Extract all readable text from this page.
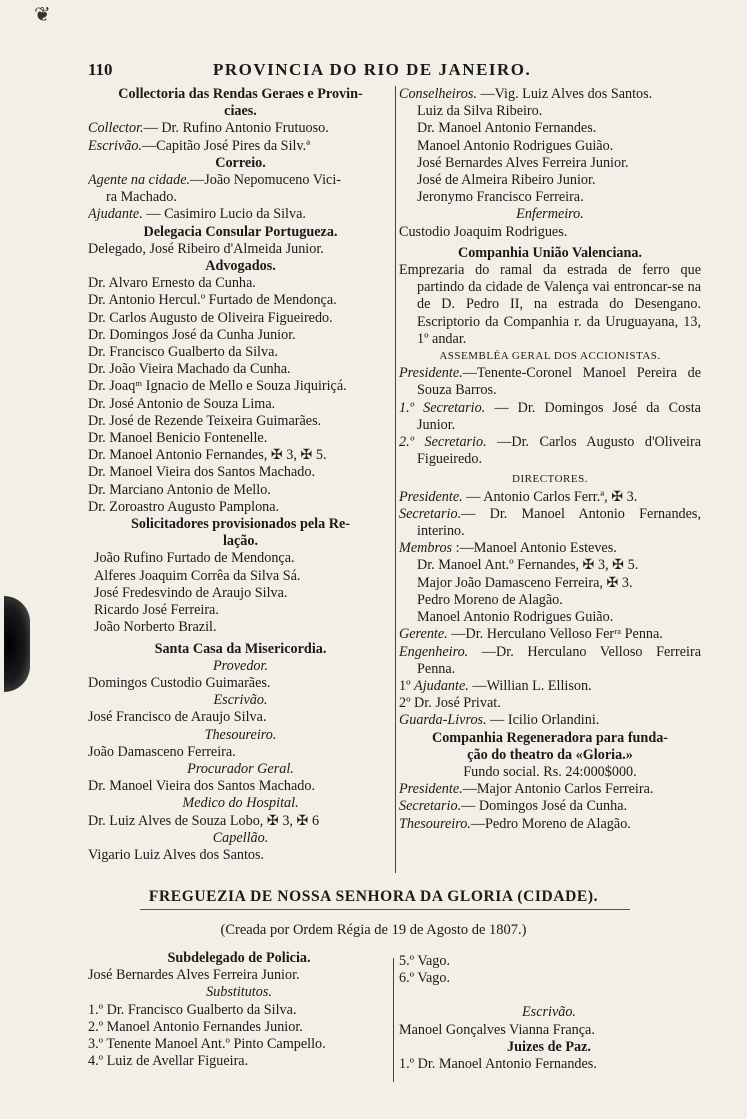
❦
110	PROVINCIA DO RIO DE JANEIRO.
Collectoria das Rendas Geraes e Provin-
ciaes.
Collector.— Dr. Rufino Antonio Frutuoso.
Escrivão.—Capitão José Pires da Silv.ª
Correio.
Agente na cidade.—João Nepomuceno Vici-
ra Machado.
Ajudante. — Casimiro Lucio da Silva.
Delegacia Consular Portugueza.
Delegado, José Ribeiro d'Almeida Junior.
Advogados.
Dr. Alvaro Ernesto da Cunha.
Dr. Antonio Hercul.º Furtado de Mendonça.
Dr. Carlos Augusto de Oliveira Figueiredo.
Dr. Domingos José da Cunha Junior.
Dr. Francisco Gualberto da Silva.
Dr. João Vieira Machado da Cunha.
Dr. Joaqᵐ Ignacio de Mello e Souza Jiquiriçá.
Dr. José Antonio de Souza Lima.
Dr. José de Rezende Teixeira Guimarães.
Dr. Manoel Benicio Fontenelle.
Dr. Manoel Antonio Fernandes, ✠ 3, ✠ 5.
Dr. Manoel Vieira dos Santos Machado.
Dr. Marciano Antonio de Mello.
Dr. Zoroastro Augusto Pamplona.
Solicitadores provisionados pela Re-
lação.
João Rufino Furtado de Mendonça.
Alferes Joaquim Corrêa da Silva Sá.
José Fredesvindo de Araujo Silva.
Ricardo José Ferreira.
João Norberto Brazil.
Santa Casa da Misericordia.
Provedor.
Domingos Custodio Guimarães.
Escrivão.
José Francisco de Araujo Silva.
Thesoureiro.
João Damasceno Ferreira.
Procurador Geral.
Dr. Manoel Vieira dos Santos Machado.
Medico do Hospital.
Dr. Luiz Alves de Souza Lobo, ✠ 3, ✠ 6
Capellão.
Vigario Luiz Alves dos Santos.
Conselheiros. —Vig. Luiz Alves dos Santos.
Luiz da Silva Ribeiro.
Dr. Manoel Antonio Fernandes.
Manoel Antonio Rodrigues Guião.
José Bernardes Alves Ferreira Junior.
José de Almeira Ribeiro Junior.
Jeronymo Francisco Ferreira.
Enfermeiro.
Custodio Joaquim Rodrigues.
Companhia União Valenciana.
Emprezaria do ramal da estrada de ferro que partindo da cidade de Valença vai entroncar-se na de D. Pedro II, na estrada do Desengano. Escriptorio da Companhia r. da Uruguayana, 13, 1º andar.
ASSEMBLÉA GERAL DOS ACCIONISTAS.
Presidente.—Tenente-Coronel Manoel Pereira de Souza Barros.
1.º Secretario. — Dr. Domingos José da Costa Junior.
2.º Secretario. —Dr. Carlos Augusto d'Oliveira Figueiredo.
DIRECTORES.
Presidente. — Antonio Carlos Ferr.ª, ✠ 3.
Secretario.— Dr. Manoel Antonio Fernandes, interino.
Membros :—Manoel Antonio Esteves.
Dr. Manoel Ant.º Fernandes, ✠ 3, ✠ 5.
Major João Damasceno Ferreira, ✠ 3.
Pedro Moreno de Alagão.
Manoel Antonio Rodrigues Guião.
Gerente. —Dr. Herculano Velloso Ferʳᵃ Penna.
Engenheiro. —Dr. Herculano Velloso Ferreira Penna.
1º Ajudante. —Willian L. Ellison.
2º Dr. José Privat.
Guarda-Livros. — Icilio Orlandini.
Companhia Regeneradora para funda-
ção do theatro da «Gloria.»
Fundo social. Rs. 24:000$000.
Presidente.—Major Antonio Carlos Ferreira.
Secretario.— Domingos José da Cunha.
Thesoureiro.—Pedro Moreno de Alagão.
FREGUEZIA DE NOSSA SENHORA DA GLORIA (CIDADE).
(Creada por Ordem Régia de 19 de Agosto de 1807.)
Subdelegado de Policia.
José Bernardes Alves Ferreira Junior.
Substitutos.
1.º Dr. Francisco Gualberto da Silva.
2.º Manoel Antonio Fernandes Junior.
3.º Tenente Manoel Ant.º Pinto Campello.
4.º Luiz de Avellar Figueira.
5.º Vago.
6.º Vago.
Escrivão.
Manoel Gonçalves Vianna França.
Juizes de Paz.
1.º Dr. Manoel Antonio Fernandes.
